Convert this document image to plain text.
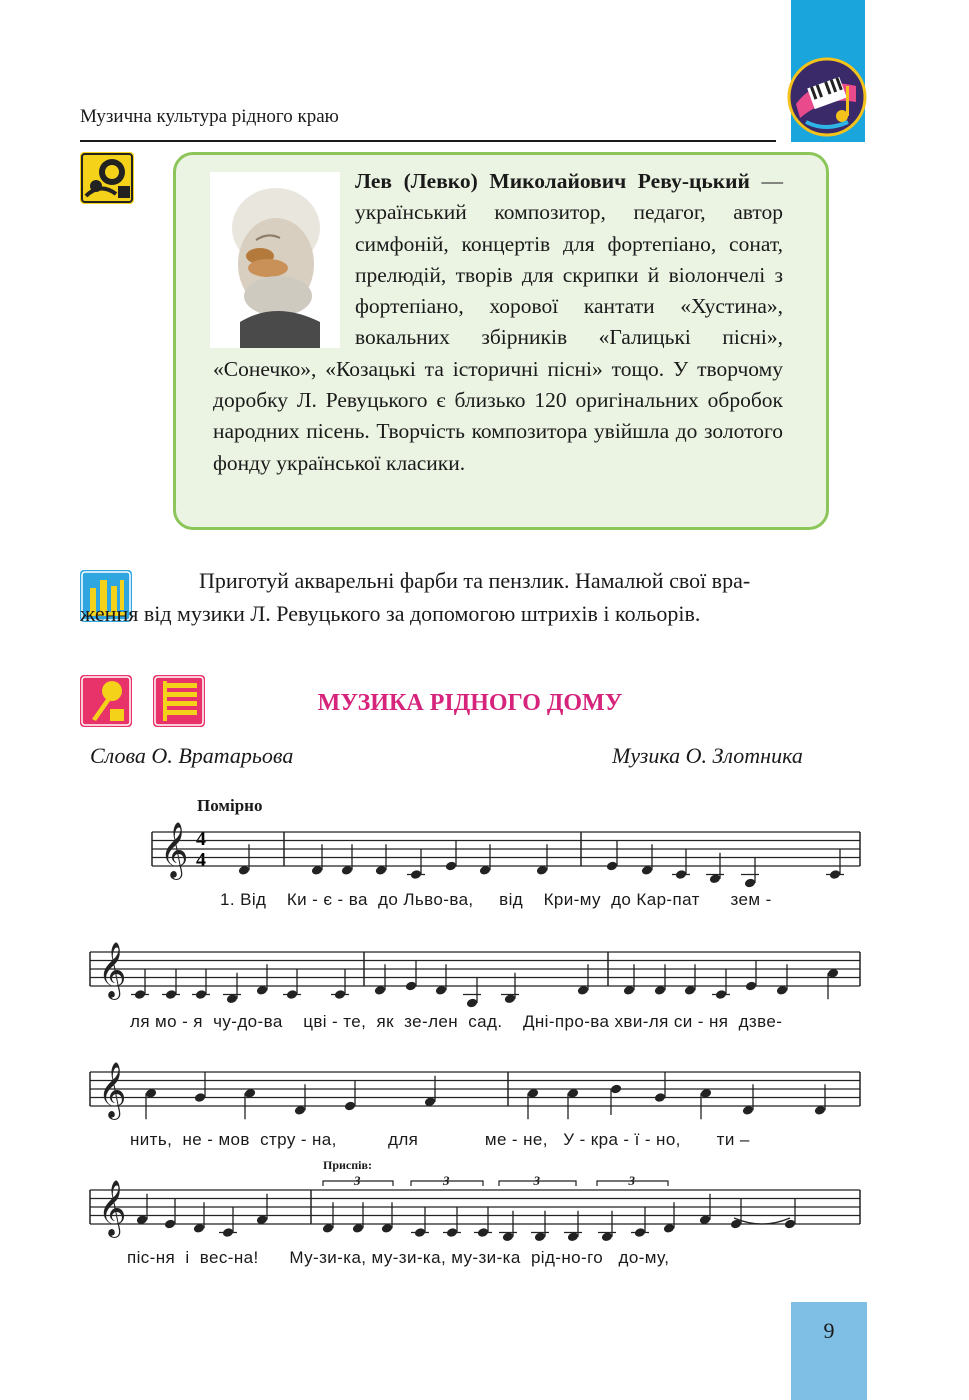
Музична культура рідного краю
Лев (Левко) Миколайович Реву-цький — український композитор, педагог, автор симфоній, концертів для фортепіано, сонат, прелюдій, творів для скрипки й віолончелі з фортепіано, хорової кантати «Хустина», вокальних збірників «Галицькі пісні», «Сонечко», «Козацькі та історичні пісні» тощо. У творчому доробку Л. Ревуцького є близько 120 оригінальних обробок народних пісень. Творчість композитора увійшла до золотого фонду української класики.
Приготуй акварельні фарби та пензлик. Намалюй свої вра-
ження від музики Л. Ревуцького за допомогою штрихів і кольорів.
МУЗИКА РІДНОГО ДОМУ
Слова О. Вратарьова	Музика О. Злотника
Помірно
4
4
𝄞
𝄞
𝄞
𝄞	3	3	3	3
1. Від    Ки - є - ва  до Льво-ва,     від    Кри-му  до Кар-пат      зем -
ля мо - я  чу-до-ва    цві - те,  як  зе-лен  сад.    Дні-про-ва хви-ля си - ня  дзве-
нить,  не - мов  стру - на,          для             ме - не,   У - кра - ї - но,       ти –
піс-ня  і  вес-на!      Му-зи-ка, му-зи-ка, му-зи-ка  рід-но-го   до-му,
Приспів:
9
